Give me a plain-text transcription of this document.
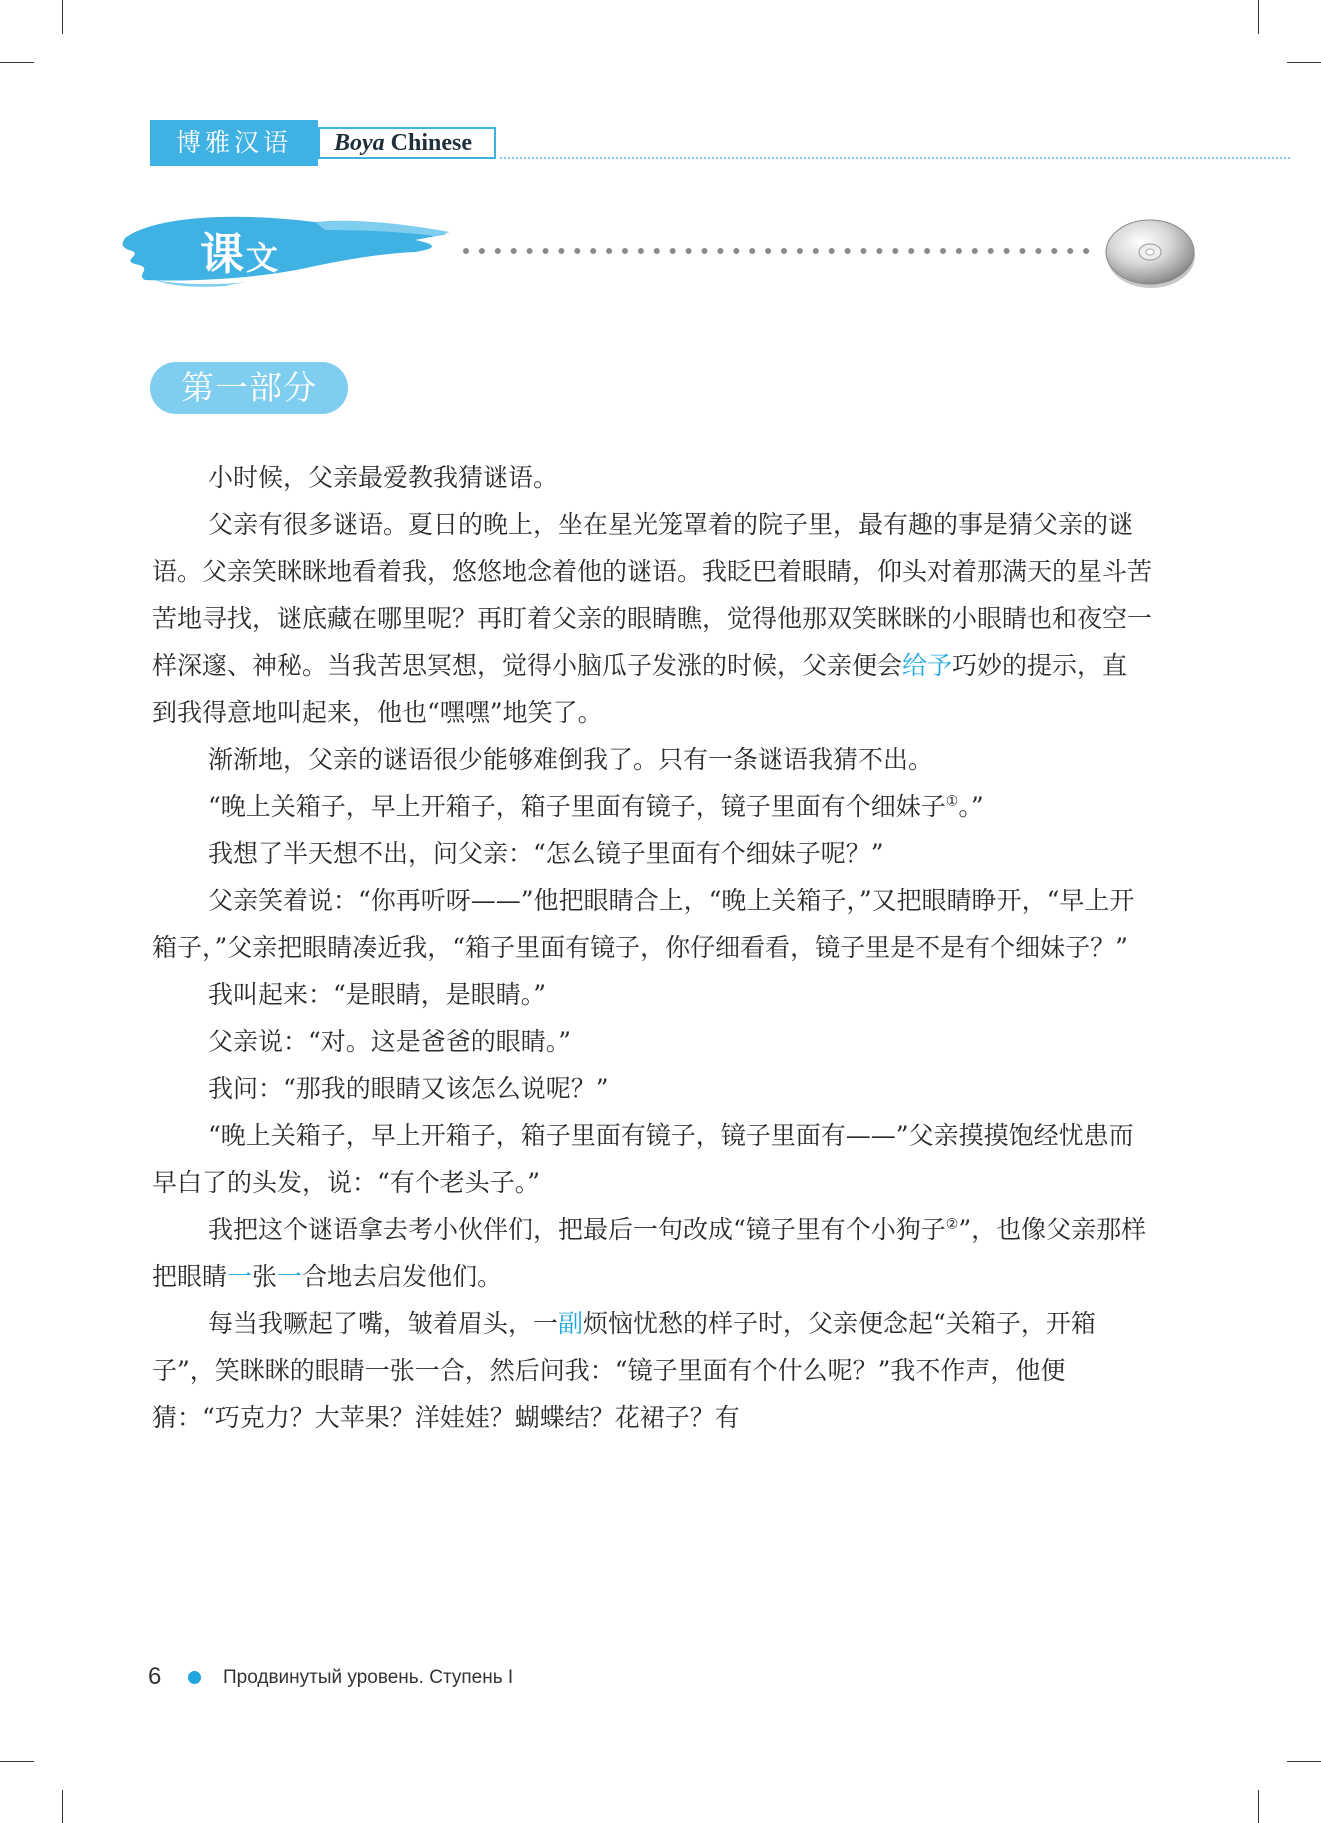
博雅汉语	Boya Chinese
课文
第一部分

小时候，父亲最爱教我猜谜语。

父亲有很多谜语。夏日的晚上，坐在星光笼罩着的院子里，最有趣的事是猜父亲的谜语。父亲笑眯眯地看着我，悠悠地念着他的谜语。我眨巴着眼睛，仰头对着那满天的星斗苦苦地寻找，谜底藏在哪里呢？再盯着父亲的眼睛瞧，觉得他那双笑眯眯的小眼睛也和夜空一样深邃、神秘。当我苦思冥想，觉得小脑瓜子发涨的时候，父亲便会给予巧妙的提示，直到我得意地叫起来，他也“嘿嘿”地笑了。

渐渐地，父亲的谜语很少能够难倒我了。只有一条谜语我猜不出。

“晚上关箱子，早上开箱子，箱子里面有镜子，镜子里面有个细妹子①。”

我想了半天想不出，问父亲：“怎么镜子里面有个细妹子呢？”

父亲笑着说：“你再听呀——”他把眼睛合上，“晚上关箱子，”又把眼睛睁开，“早上开箱子，”父亲把眼睛凑近我，“箱子里面有镜子，你仔细看看，镜子里是不是有个细妹子？”

我叫起来：“是眼睛，是眼睛。”

父亲说：“对。这是爸爸的眼睛。”

我问：“那我的眼睛又该怎么说呢？”

“晚上关箱子，早上开箱子，箱子里面有镜子，镜子里面有——”父亲摸摸饱经忧患而早白了的头发，说：“有个老头子。”

我把这个谜语拿去考小伙伴们，把最后一句改成“镜子里有个小狗子②”，也像父亲那样把眼睛一张一合地去启发他们。

每当我噘起了嘴，皱着眉头，一副烦恼忧愁的样子时，父亲便念起“关箱子，开箱子”，笑眯眯的眼睛一张一合，然后问我：“镜子里面有个什么呢？”我不作声，他便猜：“巧克力？大苹果？洋娃娃？蝴蝶结？花裙子？有

6	Продвинутый уровень. Ступень I
